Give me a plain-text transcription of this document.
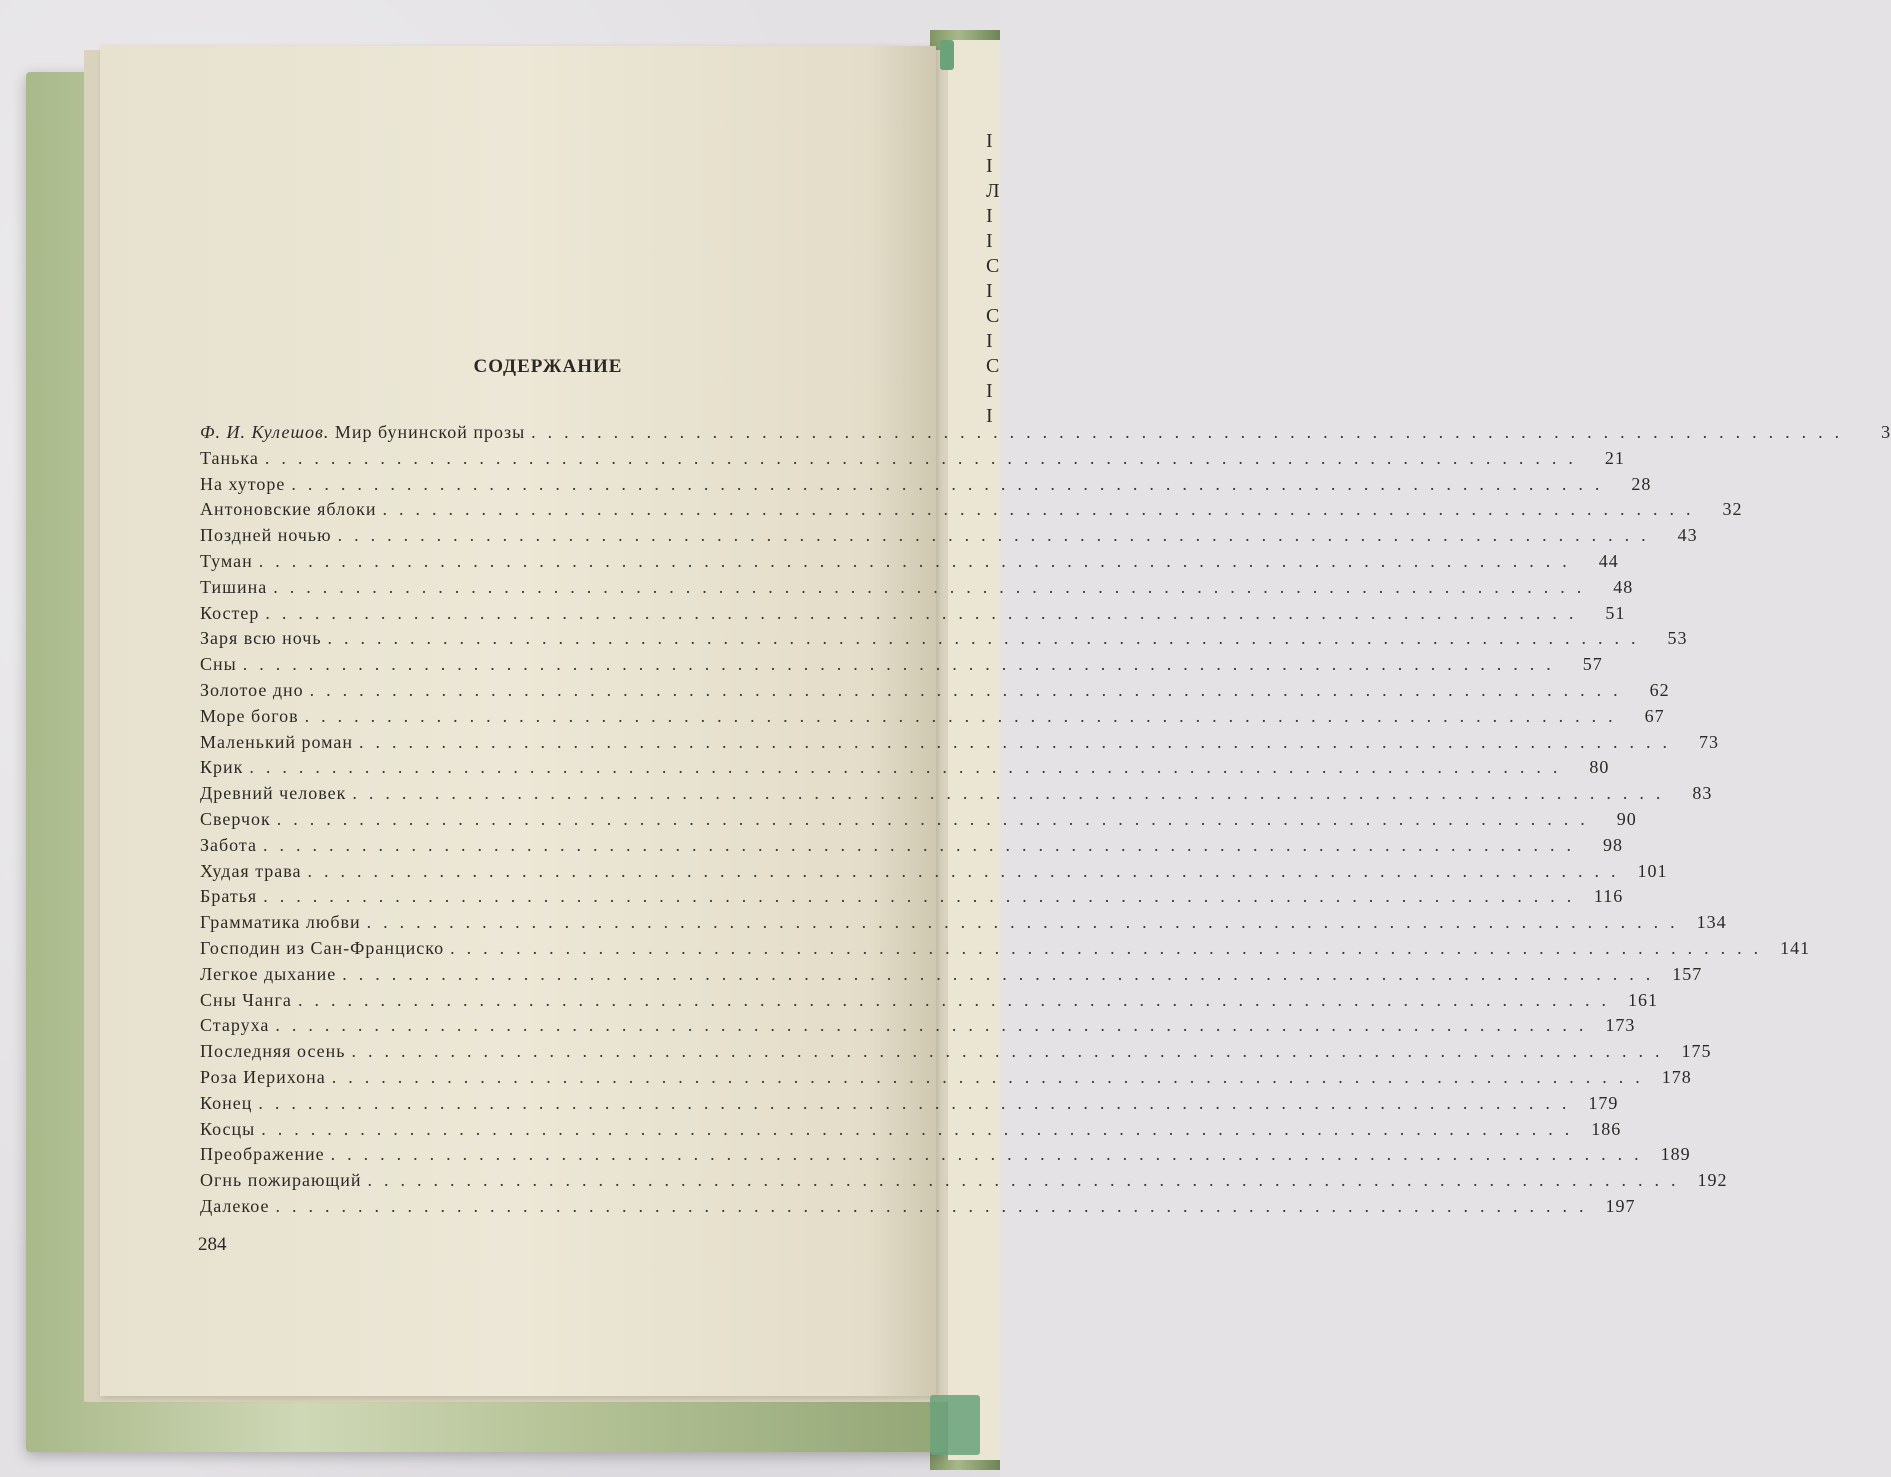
I
I
Л
I
I
C
I
C
I
C
I
I
СОДЕРЖАНИЕ
Ф. И. Кулешов. Мир бунинской прозы ................................................................................	3
Танька ................................................................................	21
На хуторе ................................................................................	28
Антоновские яблоки ................................................................................	32
Поздней ночью ................................................................................	43
Туман ................................................................................	44
Тишина ................................................................................	48
Костер ................................................................................	51
Заря всю ночь ................................................................................	53
Сны ................................................................................	57
Золотое дно ................................................................................	62
Море богов ................................................................................	67
Маленький роман ................................................................................	73
Крик ................................................................................	80
Древний человек ................................................................................	83
Сверчок ................................................................................	90
Забота ................................................................................	98
Худая трава ................................................................................ 101
Братья ................................................................................ 116
Грамматика любви ................................................................................ 134
Господин из Сан-Франциско ................................................................................ 141
Легкое дыхание ................................................................................ 157
Сны Чанга ................................................................................ 161
Старуха ................................................................................ 173
Последняя осень ................................................................................ 175
Роза Иерихона ................................................................................ 178
Конец ................................................................................ 179
Косцы ................................................................................ 186
Преображение ................................................................................ 189
Огнь пожирающий ................................................................................ 192
Далекое ................................................................................ 197
284
